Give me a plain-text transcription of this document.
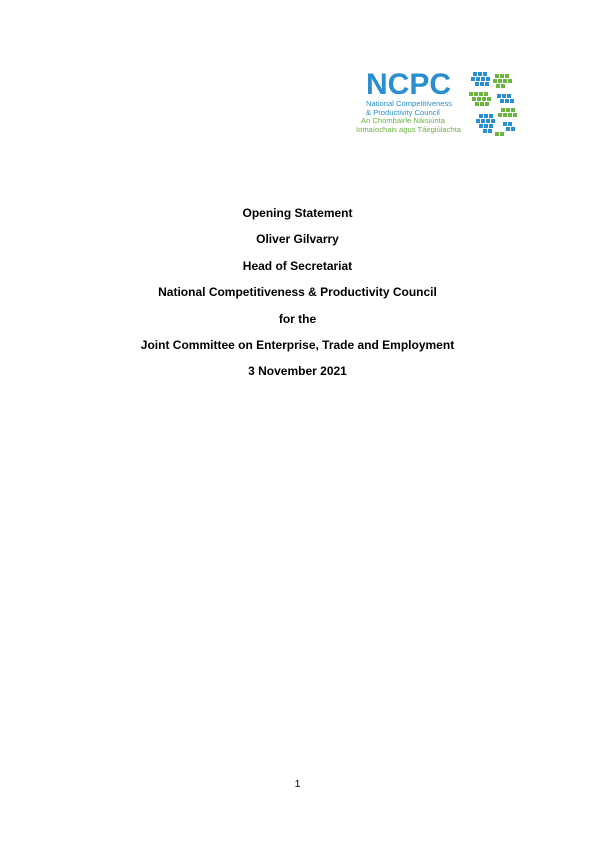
NCPC
National Competitiveness
& Productivity Council
An Chomhairle Náisiúnta
Iomaíochais agus Táirgiúlachta
Opening Statement
Oliver Gilvarry
Head of Secretariat
National Competitiveness & Productivity Council
for the
Joint Committee on Enterprise, Trade and Employment
3 November 2021
1
